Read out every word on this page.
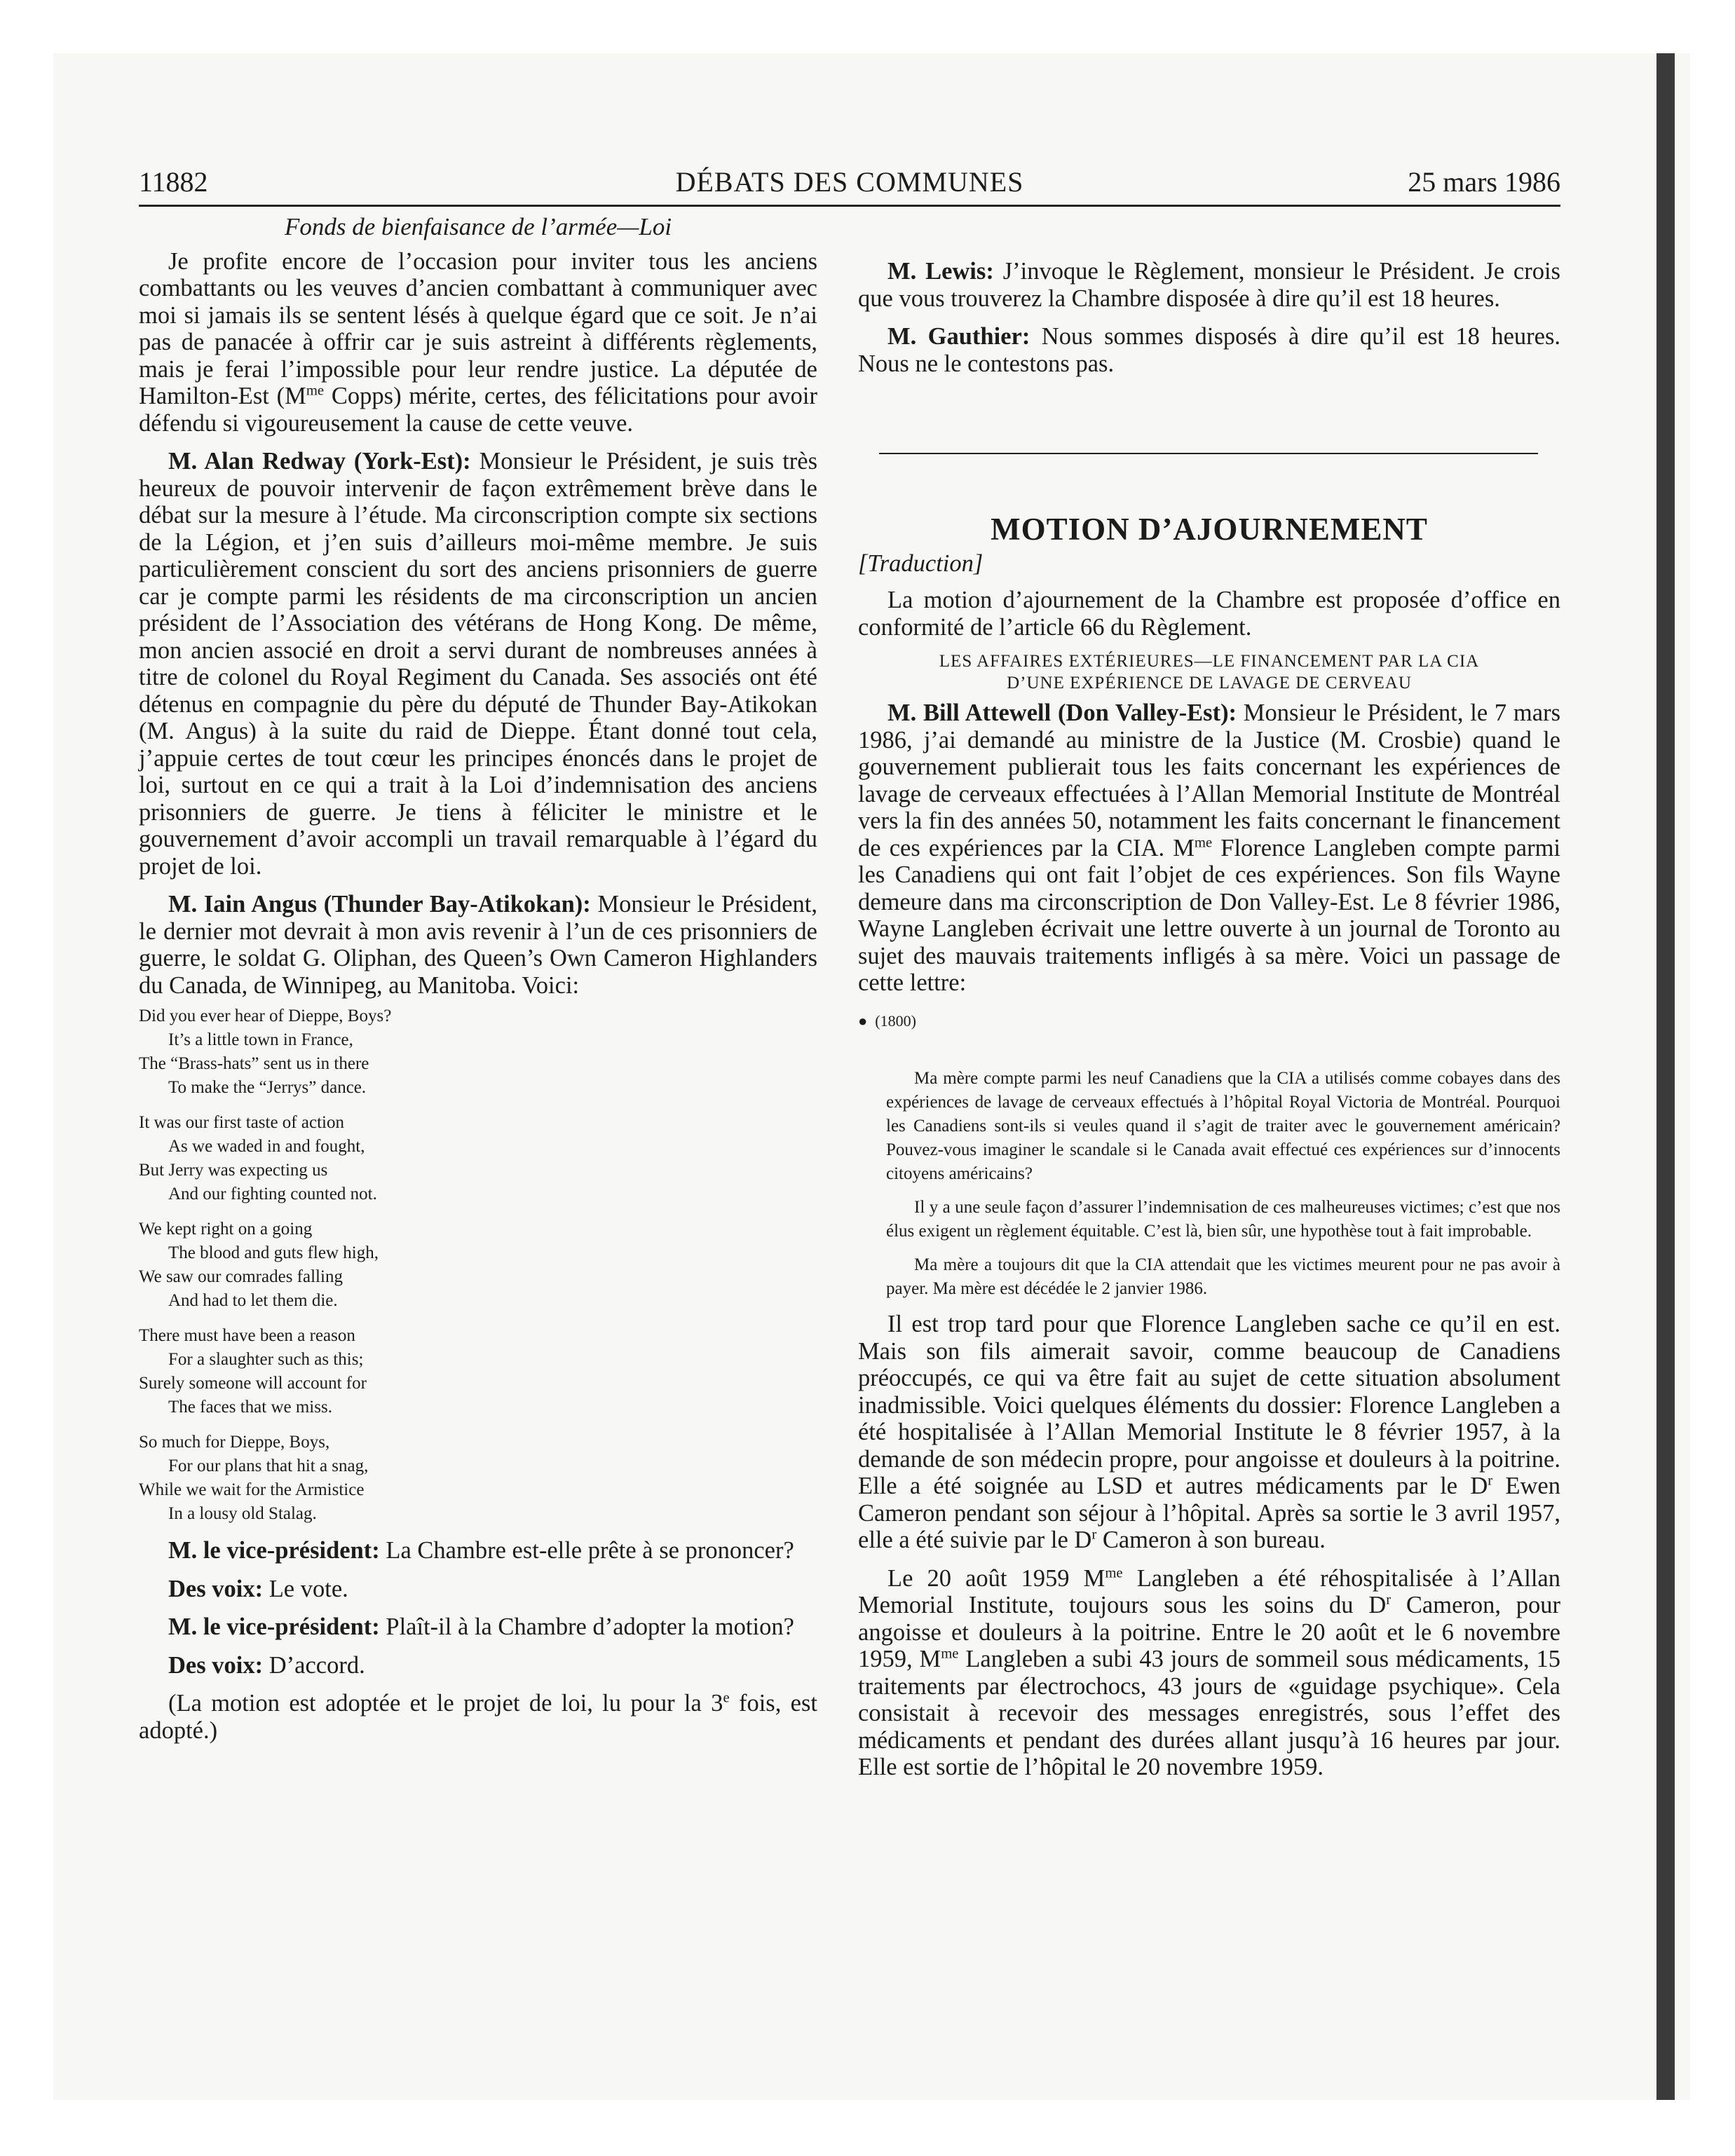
11882	DÉBATS DES COMMUNES	25 mars 1986

Fonds de bienfaisance de l’armée—Loi

Je profite encore de l’occasion pour inviter tous les anciens combattants ou les veuves d’ancien combattant à communiquer avec moi si jamais ils se sentent lésés à quelque égard que ce soit. Je n’ai pas de panacée à offrir car je suis astreint à différents règlements, mais je ferai l’impossible pour leur rendre justice. La députée de Hamilton-Est ($M^{me}$ Copps) mérite, certes, des félicitations pour avoir défendu si vigoureusement la cause de cette veuve.

M. Alan Redway (York-Est): Monsieur le Président, je suis très heureux de pouvoir intervenir de façon extrêmement brève dans le débat sur la mesure à l’étude. Ma circonscription compte six sections de la Légion, et j’en suis d’ailleurs moi-même membre. Je suis particulièrement conscient du sort des anciens prisonniers de guerre car je compte parmi les résidents de ma circonscription un ancien président de l’Association des vétérans de Hong Kong. De même, mon ancien associé en droit a servi durant de nombreuses années à titre de colonel du Royal Regiment du Canada. Ses associés ont été détenus en compagnie du père du député de Thunder Bay-Atikokan (M. Angus) à la suite du raid de Dieppe. Étant donné tout cela, j’appuie certes de tout cœur les principes énoncés dans le projet de loi, surtout en ce qui a trait à la Loi d’indemnisation des anciens prisonniers de guerre. Je tiens à féliciter le ministre et le gouvernement d’avoir accompli un travail remarquable à l’égard du projet de loi.

M. Iain Angus (Thunder Bay-Atikokan): Monsieur le Président, le dernier mot devrait à mon avis revenir à l’un de ces prisonniers de guerre, le soldat G. Oliphan, des Queen’s Own Cameron Highlanders du Canada, de Winnipeg, au Manitoba. Voici:

Did you ever hear of Dieppe, Boys?
It’s a little town in France,
The “Brass-hats” sent us in there
To make the “Jerrys” dance.
It was our first taste of action
As we waded in and fought,
But Jerry was expecting us
And our fighting counted not.
We kept right on a going
The blood and guts flew high,
We saw our comrades falling
And had to let them die.
There must have been a reason
For a slaughter such as this;
Surely someone will account for
The faces that we miss.
So much for Dieppe, Boys,
For our plans that hit a snag,
While we wait for the Armistice
In a lousy old Stalag.

M. le vice-président: La Chambre est-elle prête à se prononcer?

Des voix: Le vote.

M. le vice-président: Plaît-il à la Chambre d’adopter la motion?

Des voix: D’accord.

(La motion est adoptée et le projet de loi, lu pour la 3e fois, est adopté.)

M. Lewis: J’invoque le Règlement, monsieur le Président. Je crois que vous trouverez la Chambre disposée à dire qu’il est 18 heures.

M. Gauthier: Nous sommes disposés à dire qu’il est 18 heures. Nous ne le contestons pas.

MOTION D’AJOURNEMENT

[Traduction]

La motion d’ajournement de la Chambre est proposée d’office en conformité de l’article 66 du Règlement.

LES AFFAIRES EXTÉRIEURES—LE FINANCEMENT PAR LA CIA
D’UNE EXPÉRIENCE DE LAVAGE DE CERVEAU

M. Bill Attewell (Don Valley-Est): Monsieur le Président, le 7 mars 1986, j’ai demandé au ministre de la Justice (M. Crosbie) quand le gouvernement publierait tous les faits concernant les expériences de lavage de cerveaux effectuées à l’Allan Memorial Institute de Montréal vers la fin des années 50, notamment les faits concernant le financement de ces expériences par la CIA. $M^{me}$ Florence Langleben compte parmi les Canadiens qui ont fait l’objet de ces expériences. Son fils Wayne demeure dans ma circonscription de Don Valley-Est. Le 8 février 1986, Wayne Langleben écrivait une lettre ouverte à un journal de Toronto au sujet des mauvais traitements infligés à sa mère. Voici un passage de cette lettre:

● (1800)

Ma mère compte parmi les neuf Canadiens que la CIA a utilisés comme cobayes dans des expériences de lavage de cerveaux effectués à l’hôpital Royal Victoria de Montréal. Pourquoi les Canadiens sont-ils si veules quand il s’agit de traiter avec le gouvernement américain? Pouvez-vous imaginer le scandale si le Canada avait effectué ces expériences sur d’innocents citoyens américains?

Il y a une seule façon d’assurer l’indemnisation de ces malheureuses victimes; c’est que nos élus exigent un règlement équitable. C’est là, bien sûr, une hypothèse tout à fait improbable.

Ma mère a toujours dit que la CIA attendait que les victimes meurent pour ne pas avoir à payer. Ma mère est décédée le 2 janvier 1986.

Il est trop tard pour que Florence Langleben sache ce qu’il en est. Mais son fils aimerait savoir, comme beaucoup de Canadiens préoccupés, ce qui va être fait au sujet de cette situation absolument inadmissible. Voici quelques éléments du dossier: Florence Langleben a été hospitalisée à l’Allan Memorial Institute le 8 février 1957, à la demande de son médecin propre, pour angoisse et douleurs à la poitrine. Elle a été soignée au LSD et autres médicaments par le $D^r$ Ewen Cameron pendant son séjour à l’hôpital. Après sa sortie le 3 avril 1957, elle a été suivie par le $D^r$ Cameron à son bureau.

Le 20 août 1959 $M^{me}$ Langleben a été réhospitalisée à l’Allan Memorial Institute, toujours sous les soins du $D^r$ Cameron, pour angoisse et douleurs à la poitrine. Entre le 20 août et le 6 novembre 1959, $M^{me}$ Langleben a subi 43 jours de sommeil sous médicaments, 15 traitements par électrochocs, 43 jours de «guidage psychique». Cela consistait à recevoir des messages enregistrés, sous l’effet des médicaments et pendant des durées allant jusqu’à 16 heures par jour. Elle est sortie de l’hôpital le 20 novembre 1959.
